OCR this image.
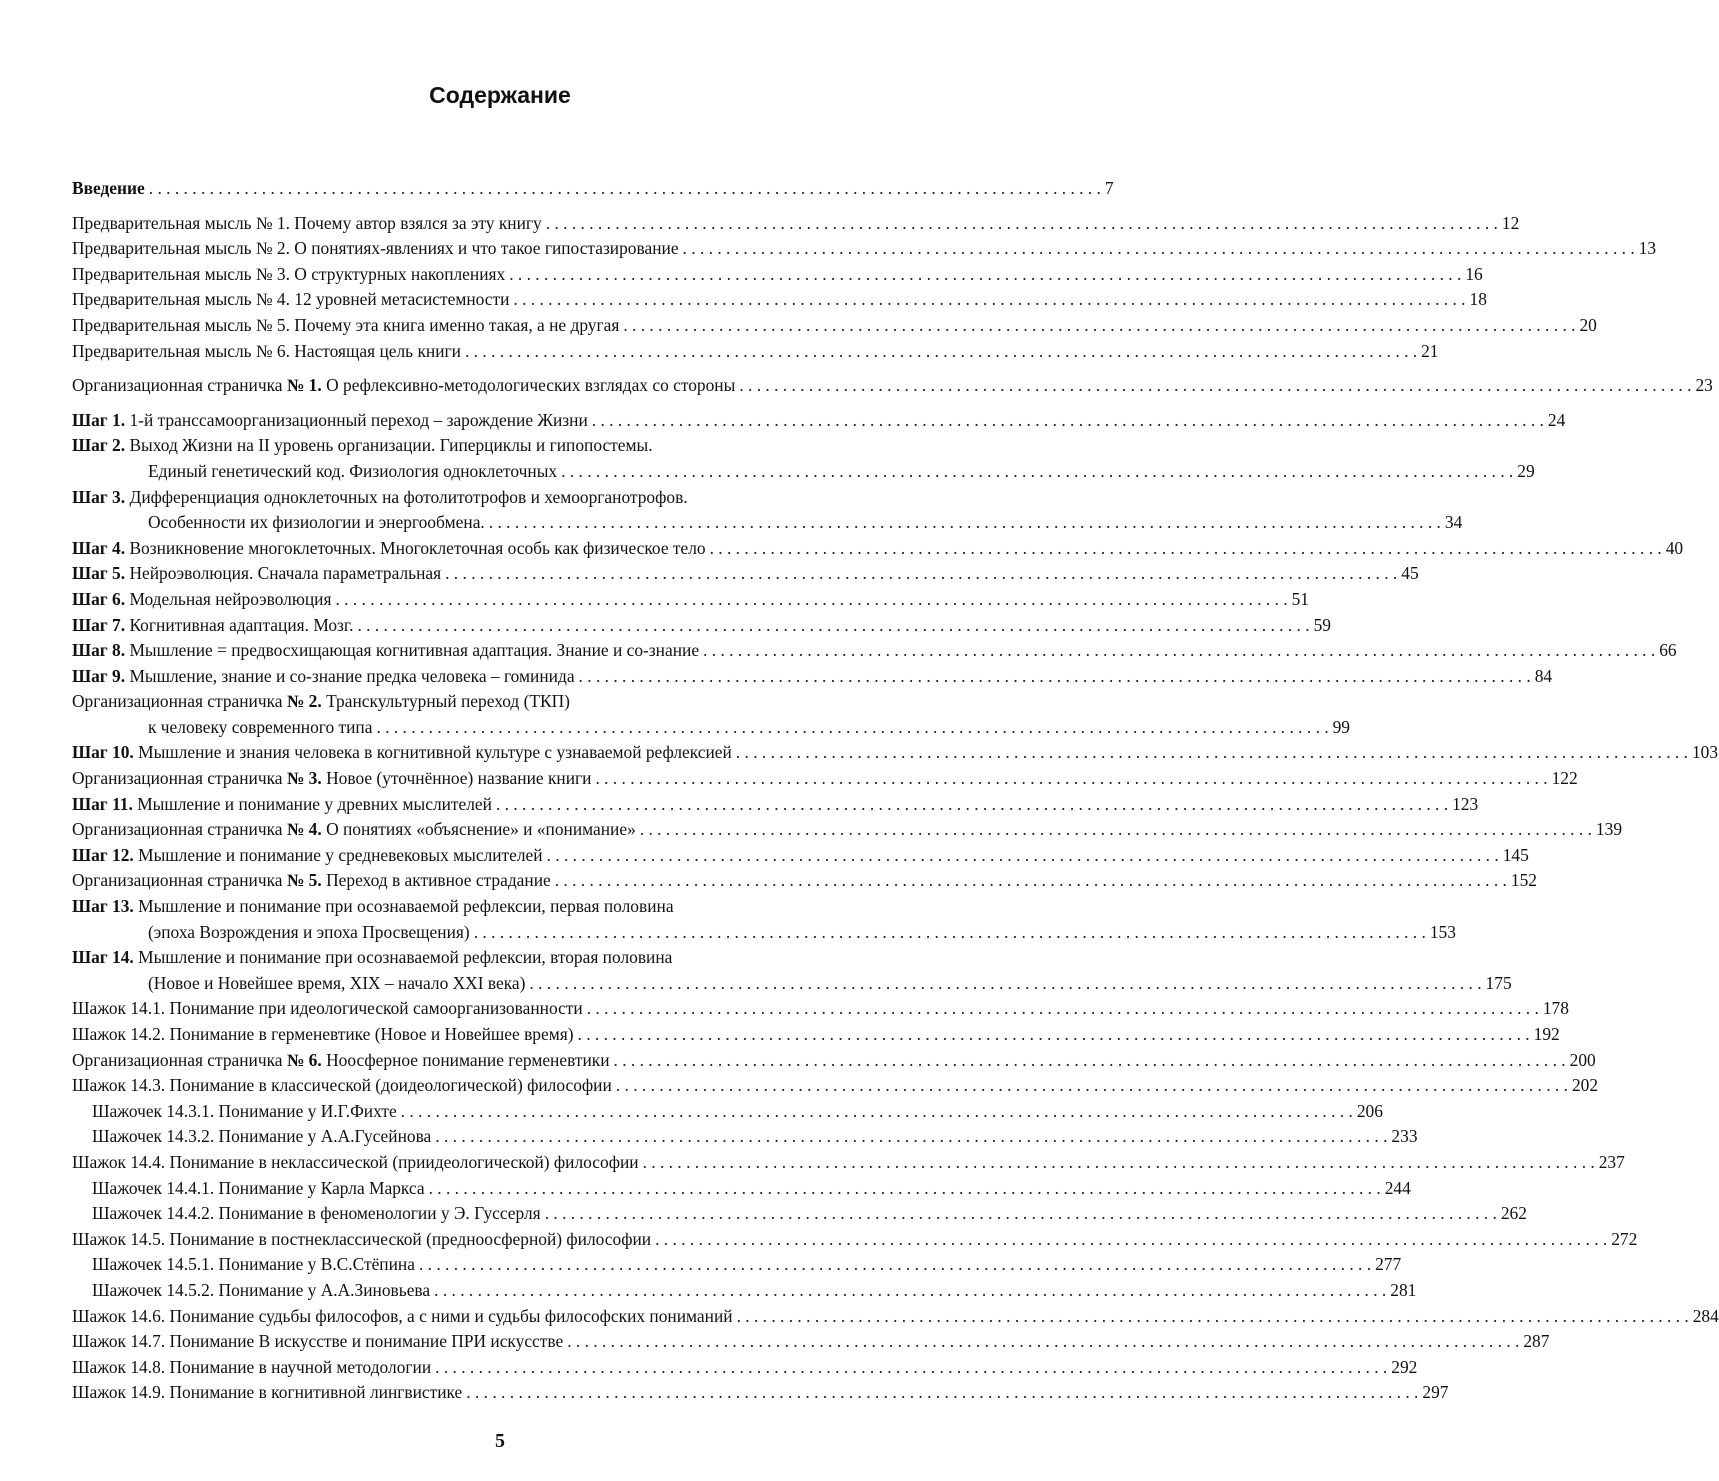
Содержание
Введение . . .	7
Предварительная мысль № 1. Почему автор взялся за эту книгу . . .	12
Предварительная мысль № 2. О понятиях-явлениях и что такое гипостазирование . . .	13
Предварительная мысль № 3. О структурных накоплениях . . .	16
Предварительная мысль № 4. 12 уровней метасистемности . . .	18
Предварительная мысль № 5. Почему эта книга именно такая, а не другая . . .	20
Предварительная мысль № 6. Настоящая цель книги . . .	21
Организационная страничка № 1. О рефлексивно-методологических взглядах со стороны . . .	23
Шаг 1. 1-й транссамоорганизационный переход – зарождение Жизни . . .	24
Шаг 2. Выход Жизни на II уровень организации. Гиперциклы и гипопостемы.
Единый генетический код. Физиология одноклеточных . . .	29
Шаг 3. Дифференциация одноклеточных на фотолитотрофов и хемоорганотрофов.
Особенности их физиологии и энергообмена. . . .	34
Шаг 4. Возникновение многоклеточных. Многоклеточная особь как физическое тело . . .	40
Шаг 5. Нейроэволюция. Сначала параметральная . . .	45
Шаг 6. Модельная нейроэволюция . . .	51
Шаг 7. Когнитивная адаптация. Мозг. . . .	59
Шаг 8. Мышление = предвосхищающая когнитивная адаптация. Знание и со-знание . . .	66
Шаг 9. Мышление, знание и со-знание предка человека – гоминида . . .	84
Организационная страничка № 2. Транскультурный переход (ТКП)
к человеку современного типа . . .	99
Шаг 10. Мышление и знания человека в когнитивной культуре с узнаваемой рефлексией . . .	103
Организационная страничка № 3. Новое (уточнённое) название книги . . .	122
Шаг 11. Мышление и понимание у древних мыслителей . . .	123
Организационная страничка № 4. О понятиях «объяснение» и «понимание» . . .	139
Шаг 12. Мышление и понимание у средневековых мыслителей . . .	145
Организационная страничка № 5. Переход в активное страдание . . .	152
Шаг 13. Мышление и понимание при осознаваемой рефлексии, первая половина
(эпоха Возрождения и эпоха Просвещения) . . .	153
Шаг 14. Мышление и понимание при осознаваемой рефлексии, вторая половина
(Новое и Новейшее время, XIX – начало XXI века) . . .	175
Шажок 14.1. Понимание при идеологической самоорганизованности . . .	178
Шажок 14.2. Понимание в герменевтике (Новое и Новейшее время) . . .	192
Организационная страничка № 6. Ноосферное понимание герменевтики . . .	200
Шажок 14.3. Понимание в классической (доидеологической) философии . . .	202
Шажочек 14.3.1. Понимание у И.Г.Фихте . . .	206
Шажочек 14.3.2. Понимание у А.А.Гусейнова . . .	233
Шажок 14.4. Понимание в неклассической (приидеологической) философии . . .	237
Шажочек 14.4.1. Понимание у Карла Маркса . . .	244
Шажочек 14.4.2. Понимание в феноменологии у Э. Гуссерля . . .	262
Шажок 14.5. Понимание в постнеклассической (предноосферной) философии . . .	272
Шажочек 14.5.1. Понимание у В.С.Стёпина . . .	277
Шажочек 14.5.2. Понимание у А.А.Зиновьева . . .	281
Шажок 14.6. Понимание судьбы философов, а с ними и судьбы философских пониманий . . .	284
Шажок 14.7. Понимание В искусстве и понимание ПРИ искусстве . . .	287
Шажок 14.8. Понимание в научной методологии . . .	292
Шажок 14.9. Понимание в когнитивной лингвистике . . .	297
5
